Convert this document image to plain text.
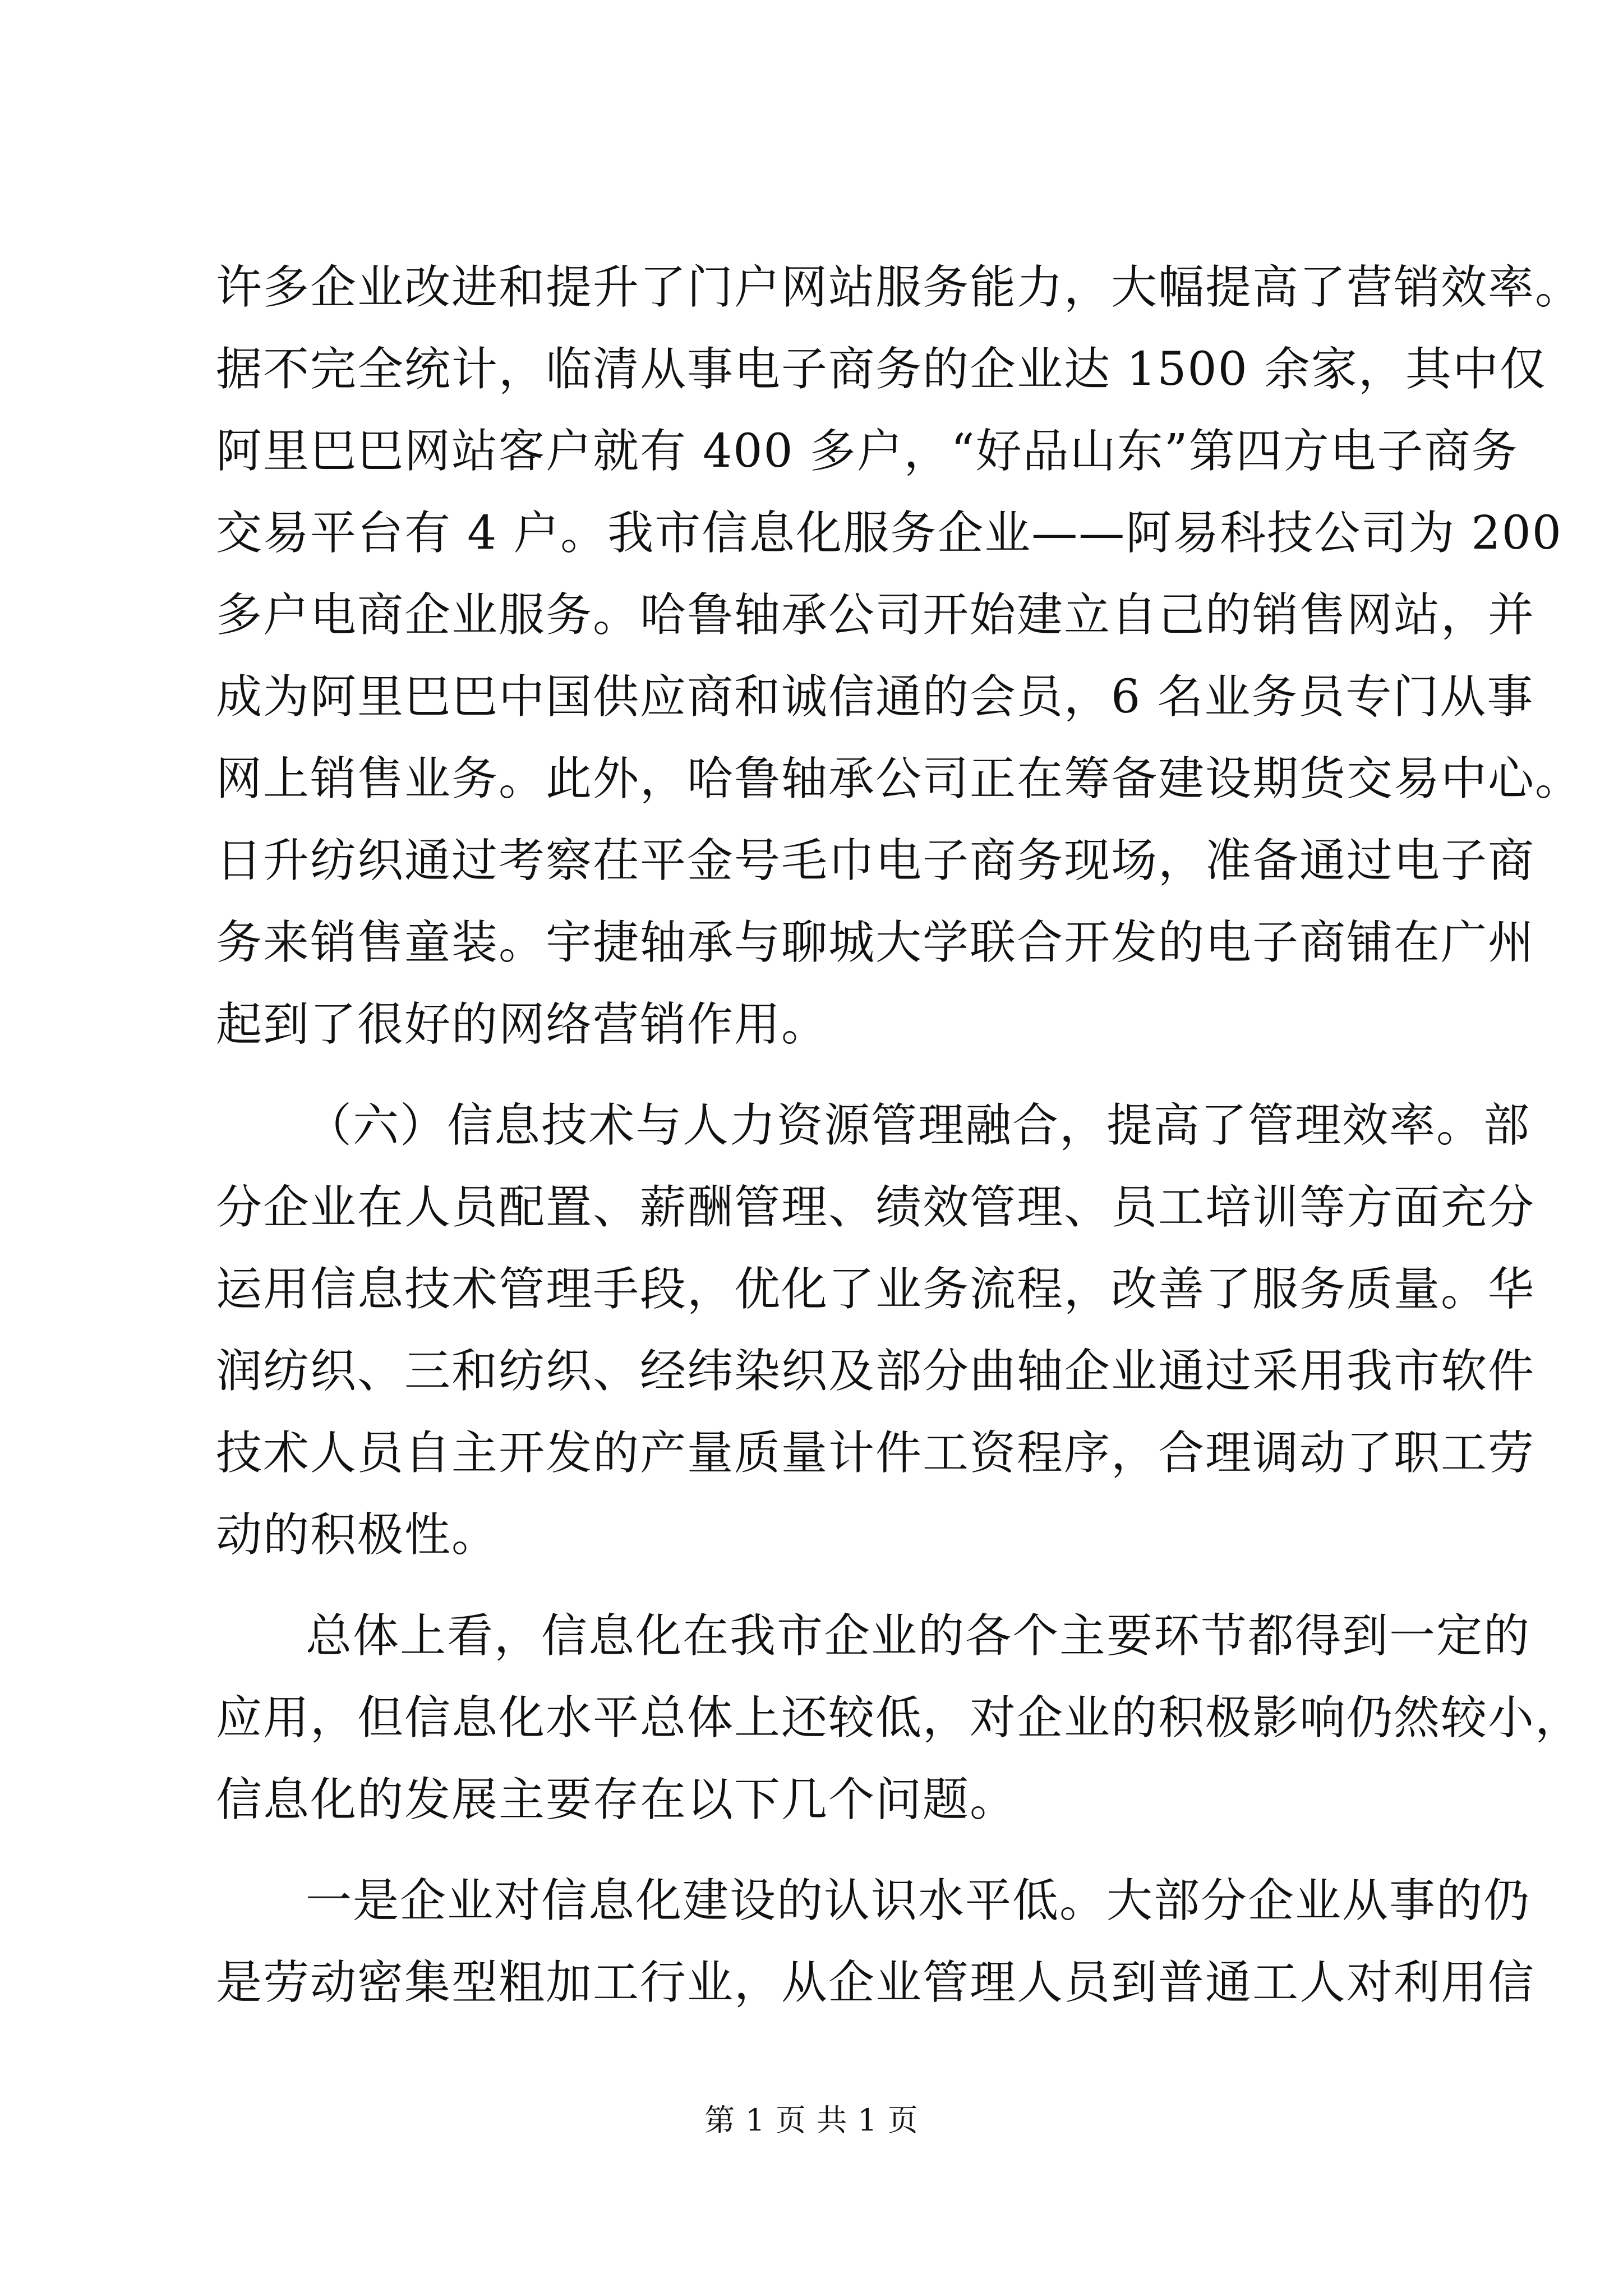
许多企业改进和提升了门户网站服务能力，大幅提高了营销效率。
据不完全统计，临清从事电子商务的企业达 1500 余家，其中仅
阿里巴巴网站客户就有 400 多户，“好品山东”第四方电子商务
交易平台有 4 户。我市信息化服务企业——阿易科技公司为 200
多户电商企业服务。哈鲁轴承公司开始建立自己的销售网站，并
成为阿里巴巴中国供应商和诚信通的会员，6 名业务员专门从事
网上销售业务。此外，哈鲁轴承公司正在筹备建设期货交易中心。
日升纺织通过考察茌平金号毛巾电子商务现场，准备通过电子商
务来销售童装。宇捷轴承与聊城大学联合开发的电子商铺在广州
起到了很好的网络营销作用。
（六）信息技术与人力资源管理融合，提高了管理效率。部
分企业在人员配置、薪酬管理、绩效管理、员工培训等方面充分
运用信息技术管理手段，优化了业务流程，改善了服务质量。华
润纺织、三和纺织、经纬染织及部分曲轴企业通过采用我市软件
技术人员自主开发的产量质量计件工资程序，合理调动了职工劳
动的积极性。
总体上看，信息化在我市企业的各个主要环节都得到一定的
应用，但信息化水平总体上还较低，对企业的积极影响仍然较小，
信息化的发展主要存在以下几个问题。
一是企业对信息化建设的认识水平低。大部分企业从事的仍
是劳动密集型粗加工行业，从企业管理人员到普通工人对利用信
第 1 页 共 1 页
